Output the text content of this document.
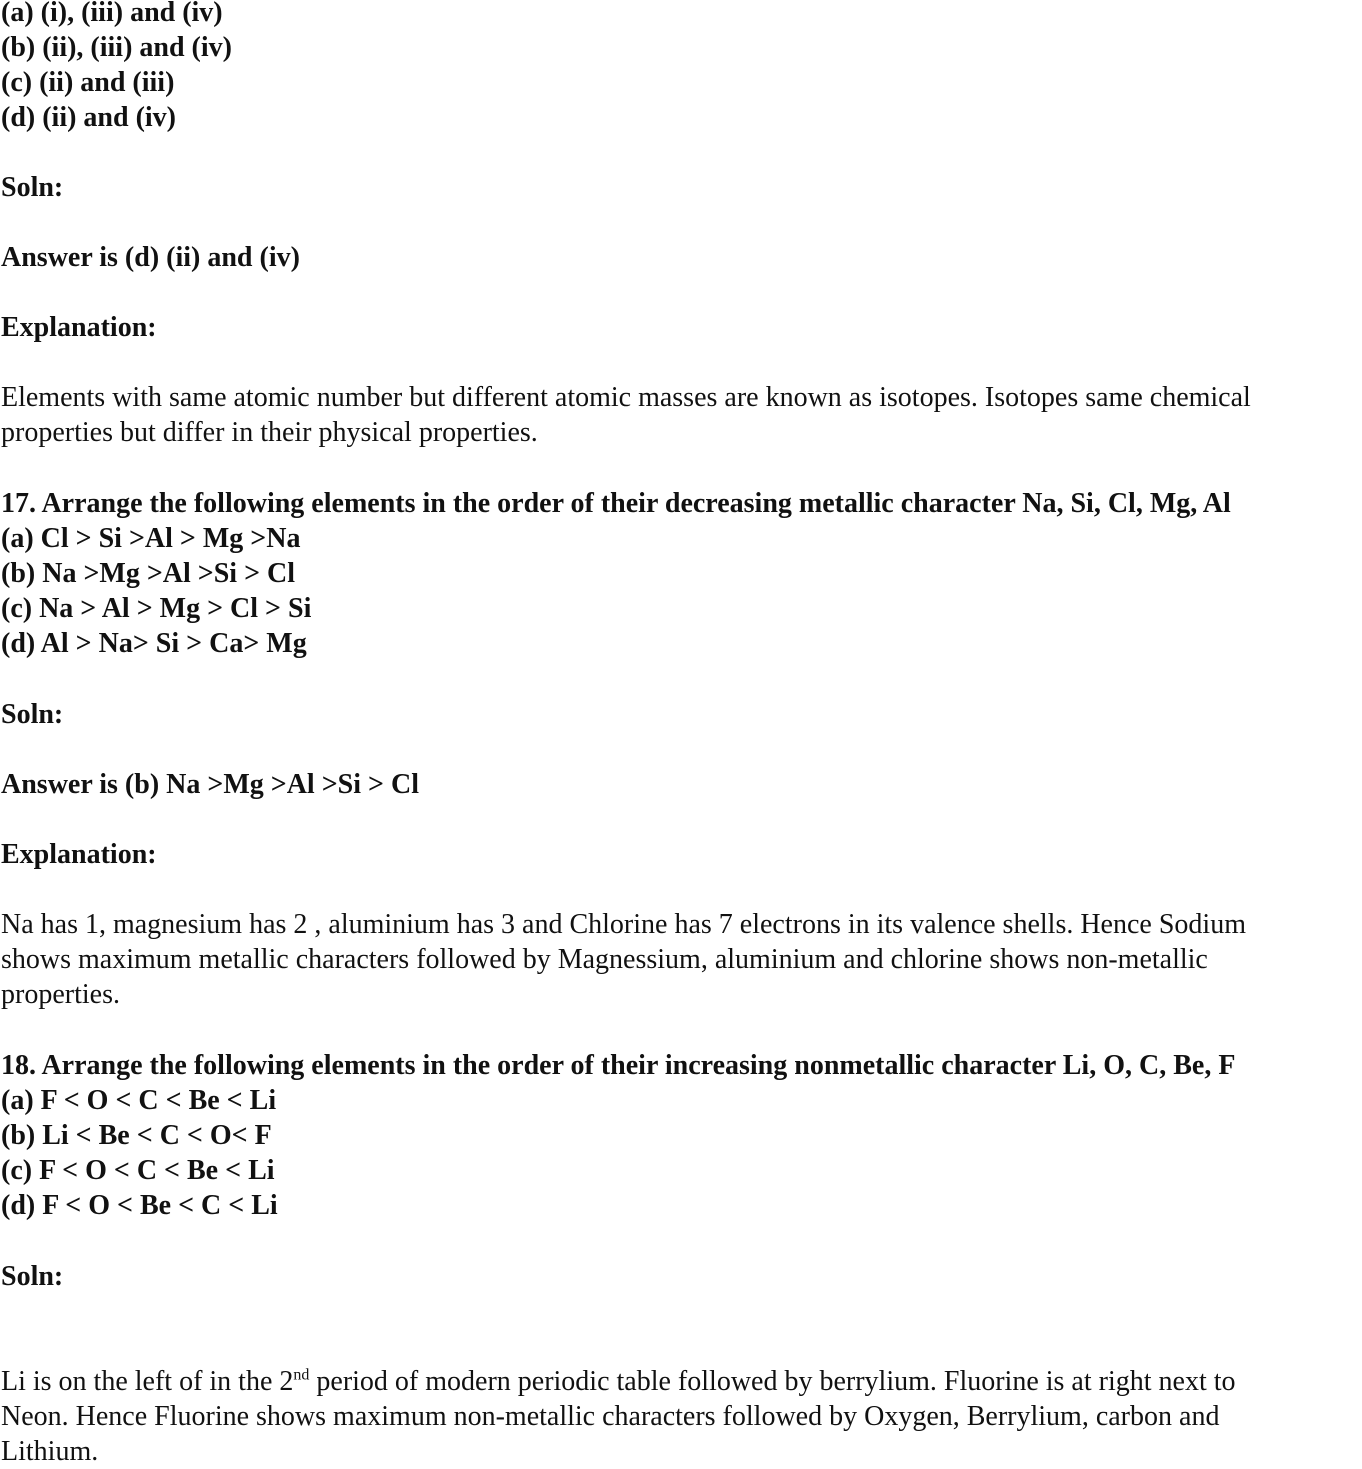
(a) (i), (iii) and (iv)
(b) (ii), (iii) and (iv)
(c) (ii) and (iii)
(d) (ii) and (iv)
Soln:
Answer is (d) (ii) and (iv)
Explanation:
Elements with same atomic number but different atomic masses are known as isotopes. Isotopes same chemical
properties but differ in their physical properties.
17. Arrange the following elements in the order of their decreasing metallic character Na, Si, Cl, Mg, Al
(a) Cl > Si >Al > Mg >Na
(b) Na >Mg >Al >Si > Cl
(c) Na > Al > Mg > Cl > Si
(d) Al > Na> Si > Ca> Mg
Soln:
Answer is (b) Na >Mg >Al >Si > Cl
Explanation:
Na has 1, magnesium has 2 , aluminium has 3 and Chlorine has 7 electrons in its valence shells. Hence Sodium
shows maximum metallic characters followed by Magnessium, aluminium and chlorine shows non-metallic
properties.
18. Arrange the following elements in the order of their increasing nonmetallic character Li, O, C, Be, F
(a) F < O < C < Be < Li
(b) Li < Be < C < O< F
(c) F < O < C < Be < Li
(d) F < O < Be < C < Li
Soln:
Li is on the left of in the 2nd period of modern periodic table followed by berrylium. Fluorine is at right next to
Neon. Hence Fluorine shows maximum non-metallic characters followed by Oxygen, Berrylium, carbon and
Lithium.
